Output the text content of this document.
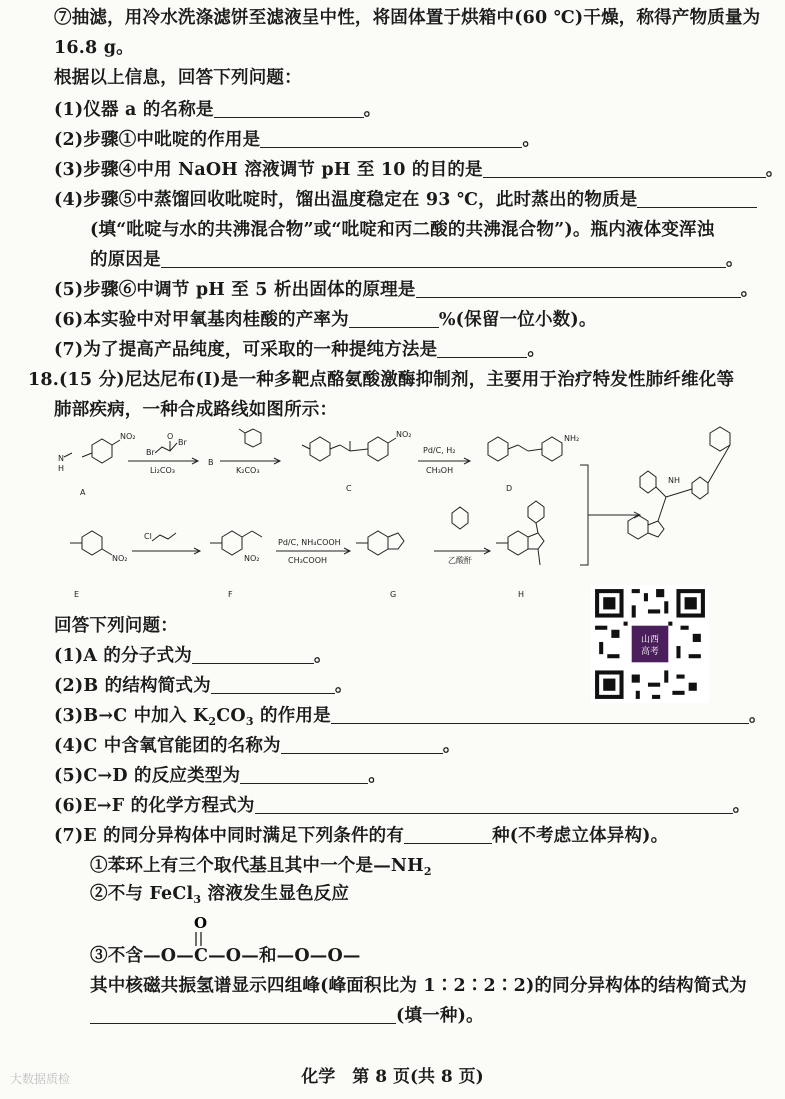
⑦抽滤，用冷水洗涤滤饼至滤液呈中性，将固体置于烘箱中(60 ℃)干燥，称得产物质量为
16.8 g。
根据以上信息，回答下列问题：
(1)仪器 a 的名称是	。
(2)步骤①中吡啶的作用是	。
(3)步骤④中用 NaOH 溶液调节 pH 至 10 的目的是	。
(4)步骤⑤中蒸馏回收吡啶时，馏出温度稳定在 93 ℃，此时蒸出的物质是
(填“吡啶与水的共沸混合物”或“吡啶和丙二酸的共沸混合物”)。瓶内液体变浑浊
的原因是	。
(5)步骤⑥中调节 pH 至 5 析出固体的原理是	。
(6)本实验中对甲氧基肉桂酸的产率为	%(保留一位小数)。
(7)为了提高产品纯度，可采取的一种提纯方法是	。
18.(15 分)尼达尼布(I)是一种多靶点酪氨酸激酶抑制剂，主要用于治疗特发性肺纤维化等
肺部疾病，一种合成路线如图所示：
NO₂
N
H
Br
Br
O
Li₂CO₃	K₂CO₃
NO₂
Pd/C, H₂
CH₃OH
NH₂
NH
Cl
NO₂	NO₂
Pd/C, NH₄COOH
CH₃COOH	乙酸酐
A
B
C	D
E	F	G	H
山西
高考
回答下列问题：
(1)A 的分子式为	。
(2)B 的结构简式为	。
(3)B→C 中加入 $K_2CO_3$ 的作用是	。
(4)C 中含氧官能团的名称为	。
(5)C→D 的反应类型为	。
(6)E→F 的化学方程式为	。
(7)E 的同分异构体中同时满足下列条件的有	种(不考虑立体异构)。
①苯环上有三个取代基且其中一个是$—NH_2$
②不与 FeCl$_3$ 溶液发生显色反应
O
③不含—O—C—O—和—O—O—
其中核磁共振氢谱显示四组峰(峰面积比为 1∶2∶2∶2)的同分异构体的结构简式为
(填一种)。
化学　第 8 页(共 8 页)
大数据质检
